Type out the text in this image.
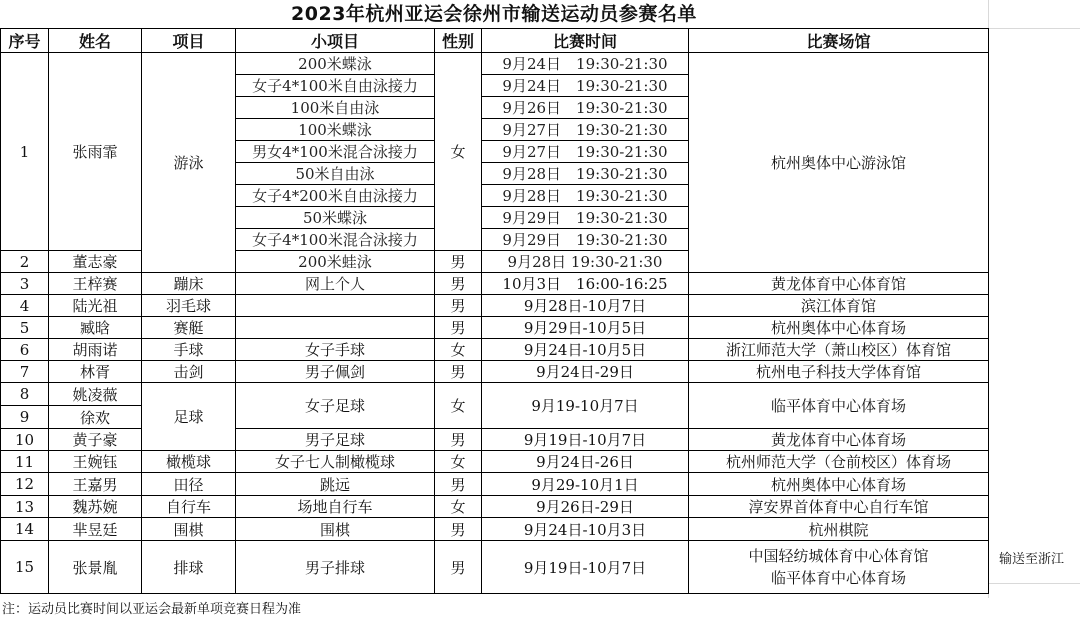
2023年杭州亚运会徐州市输送运动员参赛名单
序号	姓名	项目	小项目	性别	比赛时间	比赛场馆
1	张雨霏	游泳	200米蝶泳	女	9月24日　19:30-21:30	杭州奥体中心游泳馆
			女子4*100米自由泳接力		9月24日　19:30-21:30	
			100米自由泳		9月26日　19:30-21:30	
			100米蝶泳		9月27日　19:30-21:30	
			男女4*100米混合泳接力		9月27日　19:30-21:30	
			50米自由泳		9月28日　19:30-21:30	
			女子4*200米自由泳接力		9月28日　19:30-21:30	
			50米蝶泳		9月29日　19:30-21:30	
			女子4*100米混合泳接力		9月29日　19:30-21:30	
2	董志豪		200米蛙泳	男	9月28日 19:30-21:30	
3	王梓赛	蹦床	网上个人	男	10月3日　16:00-16:25	黄龙体育中心体育馆
4	陆光祖	羽毛球		男	9月28日-10月7日	滨江体育馆
5	臧晗	赛艇		男	9月29日-10月5日	杭州奥体中心体育场
6	胡雨诺	手球	女子手球	女	9月24日-10月5日	浙江师范大学（萧山校区）体育馆
7	林胥	击剑	男子佩剑	男	9月24日-29日	杭州电子科技大学体育馆
8	姚凌薇	足球	女子足球	女	9月19-10月7日	临平体育中心体育场
9	徐欢					
10	黄子豪		男子足球	男	9月19日-10月7日	黄龙体育中心体育场
11	王婉钰	橄榄球	女子七人制橄榄球	女	9月24日-26日	杭州师范大学（仓前校区）体育场
12	王嘉男	田径	跳远	男	9月29-10月1日	杭州奥体中心体育场
13	魏苏婉	自行车	场地自行车	女	9月26日-29日	淳安界首体育中心自行车馆
14	芈昱廷	围棋	围棋	男	9月24日-10月3日	杭州棋院
15	张景胤	排球	男子排球	男	9月19日-10月7日	中国轻纺城体育中心体育馆
临平体育中心体育场
输送至浙江
注：运动员比赛时间以亚运会最新单项竞赛日程为准
